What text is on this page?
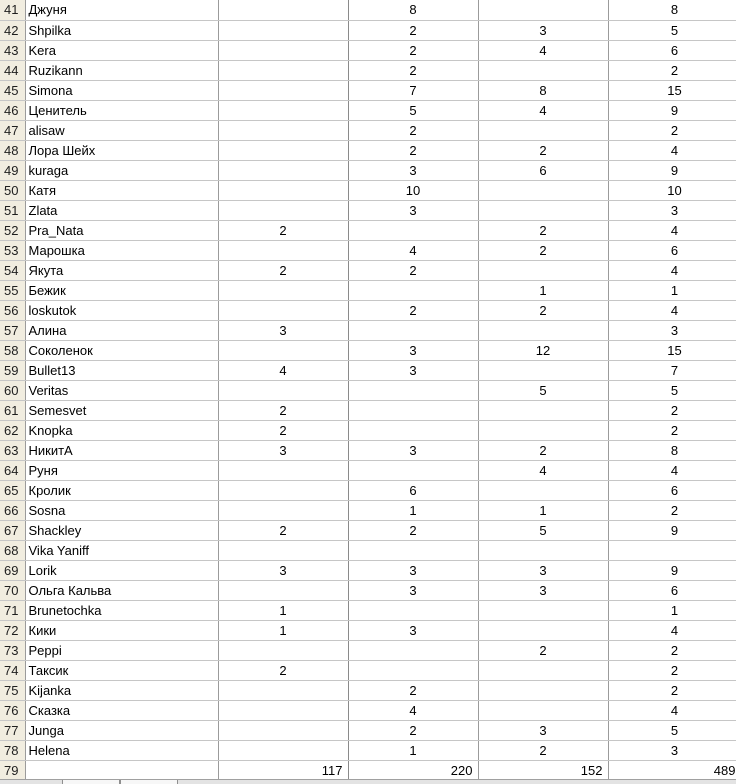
41	Джуня		8		8
42	Shpilka		2	3	5
43	Kera		2	4	6
44	Ruzikann		2		2
45	Simona		7	8	15
46	Ценитель		5	4	9
47	alisaw		2		2
48	Лора Шейх		2	2	4
49	kuraga		3	6	9
50	Катя		10		10
51	Zlata		3		3
52	Pra_Nata	2		2	4
53	Марошка		4	2	6
54	Якута	2	2		4
55	Бежик			1	1
56	loskutok		2	2	4
57	Алина	3			3
58	Соколенок		3	12	15
59	Bullet13	4	3		7
60	Veritas			5	5
61	Semesvet	2			2
62	Knopka	2			2
63	НикитА	3	3	2	8
64	Руня			4	4
65	Кролик		6		6
66	Sosna		1	1	2
67	Shackley	2	2	5	9
68	Vika Yaniff				
69	Lorik	3	3	3	9
70	Ольга Кальва		3	3	6
71	Brunetochka	1			1
72	Кики	1	3		4
73	Peppi			2	2
74	Таксик	2			2
75	Kijanka		2		2
76	Сказка		4		4
77	Junga		2	3	5
78	Helena		1	2	3
79		117	220	152	489
